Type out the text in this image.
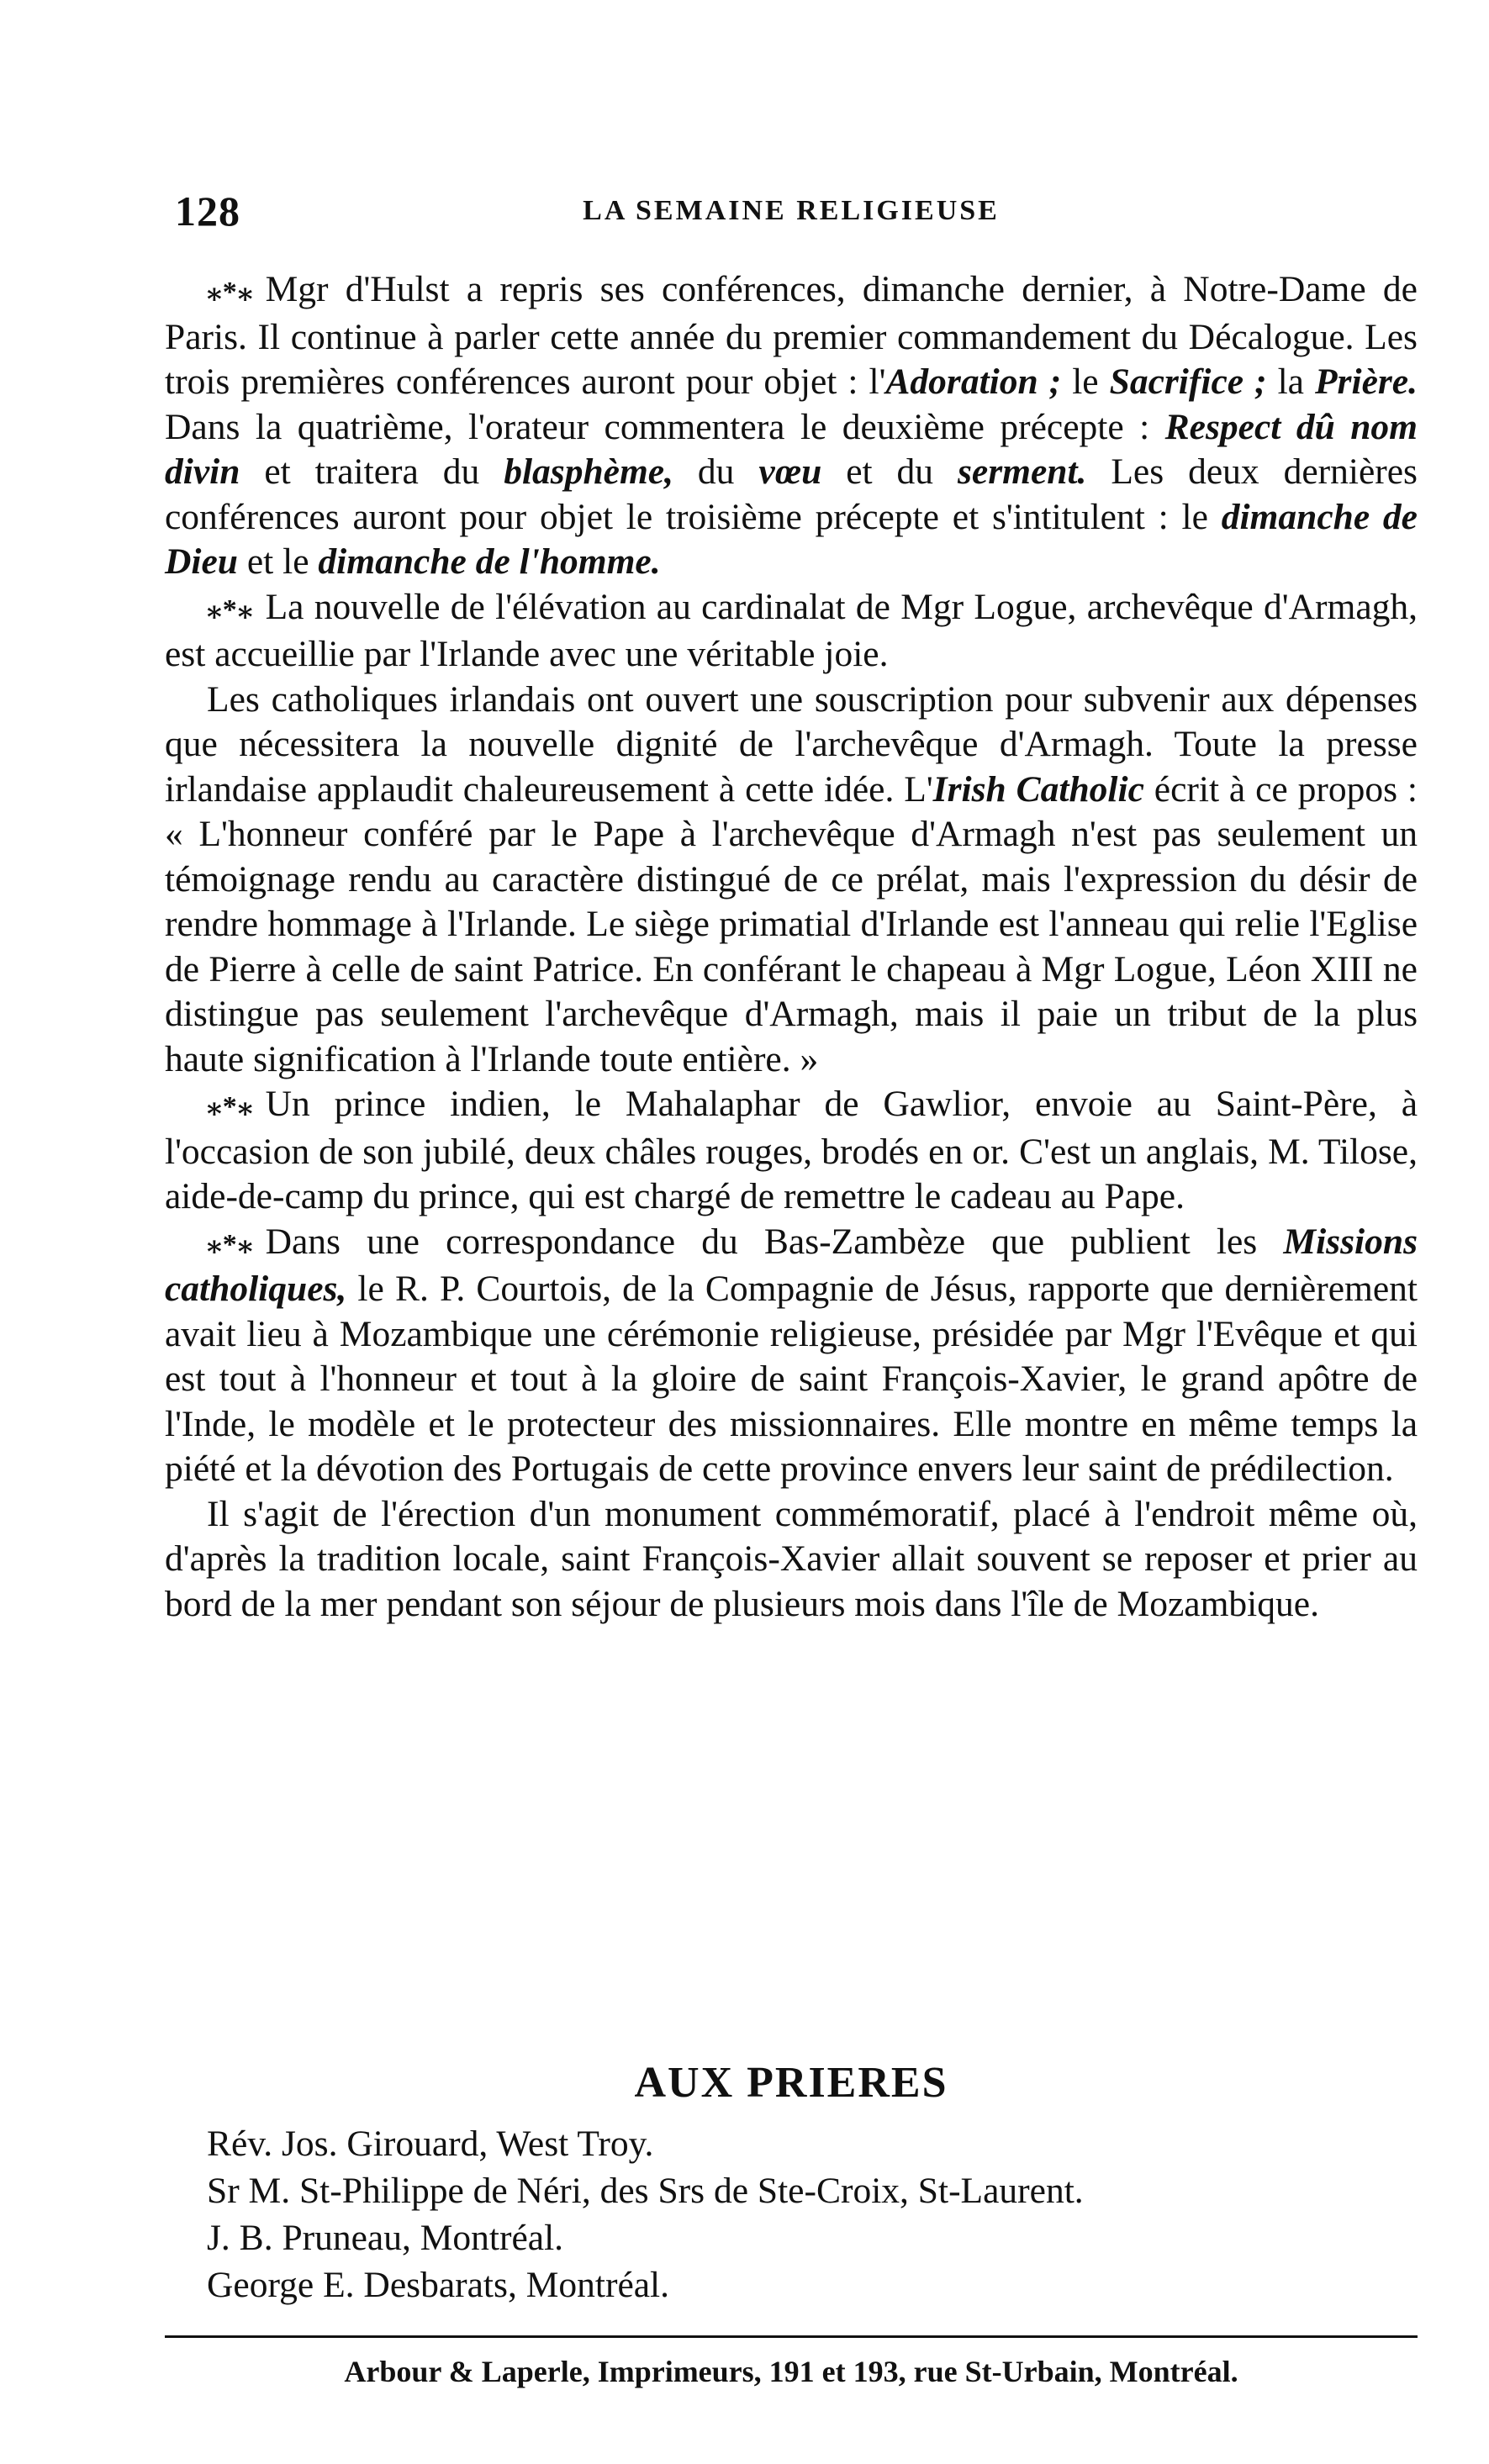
128	LA SEMAINE RELIGIEUSE

⁎*⁎ Mgr d'Hulst a repris ses conférences, dimanche dernier, à Notre-Dame de Paris. Il continue à parler cette année du premier commandement du Décalogue. Les trois premières conférences auront pour objet : l'Adoration ; le Sacrifice ; la Prière. Dans la quatrième, l'orateur commentera le deuxième précepte : Respect dû nom divin et traitera du blasphème, du vœu et du serment. Les deux dernières conférences auront pour objet le troisième précepte et s'intitulent : le dimanche de Dieu et le dimanche de l'homme.

⁎*⁎ La nouvelle de l'élévation au cardinalat de Mgr Logue, archevêque d'Armagh, est accueillie par l'Irlande avec une véritable joie.

Les catholiques irlandais ont ouvert une souscription pour subvenir aux dépenses que nécessitera la nouvelle dignité de l'archevêque d'Armagh. Toute la presse irlandaise applaudit chaleureusement à cette idée. L'Irish Catholic écrit à ce propos : « L'honneur conféré par le Pape à l'archevêque d'Armagh n'est pas seulement un témoignage rendu au caractère distingué de ce prélat, mais l'expression du désir de rendre hommage à l'Irlande. Le siège primatial d'Irlande est l'anneau qui relie l'Eglise de Pierre à celle de saint Patrice. En conférant le chapeau à Mgr Logue, Léon XIII ne distingue pas seulement l'archevêque d'Armagh, mais il paie un tribut de la plus haute signification à l'Irlande toute entière. »

⁎*⁎ Un prince indien, le Mahalaphar de Gawlior, envoie au Saint-Père, à l'occasion de son jubilé, deux châles rouges, brodés en or. C'est un anglais, M. Tilose, aide-de-camp du prince, qui est chargé de remettre le cadeau au Pape.

⁎*⁎ Dans une correspondance du Bas-Zambèze que publient les Missions catholiques, le R. P. Courtois, de la Compagnie de Jésus, rapporte que dernièrement avait lieu à Mozambique une cérémonie religieuse, présidée par Mgr l'Evêque et qui est tout à l'honneur et tout à la gloire de saint François-Xavier, le grand apôtre de l'Inde, le modèle et le protecteur des missionnaires. Elle montre en même temps la piété et la dévotion des Portugais de cette province envers leur saint de prédilection.

Il s'agit de l'érection d'un monument commémoratif, placé à l'endroit même où, d'après la tradition locale, saint François-Xavier allait souvent se reposer et prier au bord de la mer pendant son séjour de plusieurs mois dans l'île de Mozambique.

AUX PRIERES
Rév. Jos. Girouard, West Troy.
Sr M. St-Philippe de Néri, des Srs de Ste-Croix, St-Laurent.
J. B. Pruneau, Montréal.
George E. Desbarats, Montréal.
Arbour & Laperle, Imprimeurs, 191 et 193, rue St-Urbain, Montréal.
